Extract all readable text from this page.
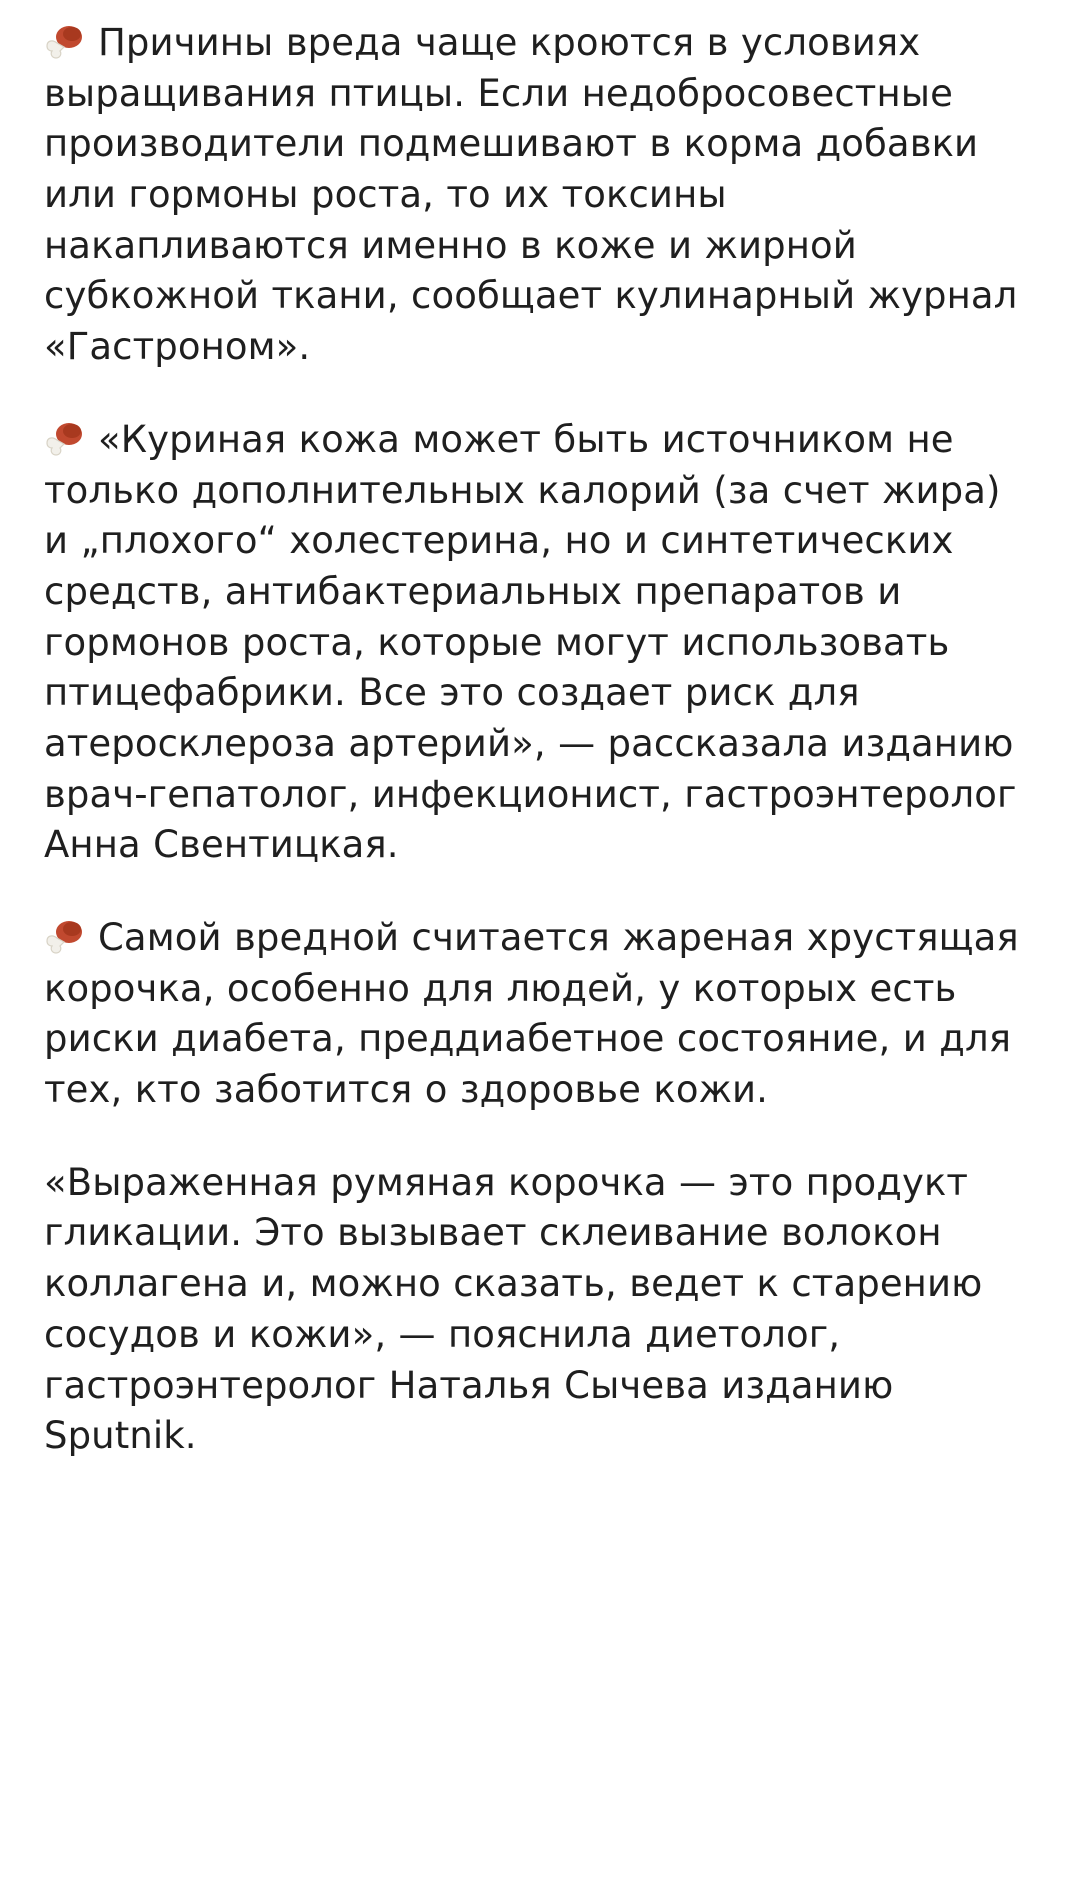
Причины вреда чаще кроются в условиях выращивания птицы. Если недобросовестные производители подмешивают в корма добавки или гормоны роста, то их токсины накапливаются именно в коже и жирной субкожной ткани, сообщает кулинарный журнал «Гастроном».

«Куриная кожа может быть источником не только дополнительных калорий (за счет жира) и „плохого“ холестерина, но и синтетических средств, антибактериальных препаратов и гормонов роста, которые могут использовать птицефабрики. Все это создает риск для атеросклероза артерий», — рассказала изданию врач-гепатолог, инфекционист, гастроэнтеролог Анна Свентицкая.

Самой вредной считается жареная хрустящая корочка, особенно для людей, у которых есть риски диабета, преддиабетное состояние, и для тех, кто заботится о здоровье кожи.

«Выраженная румяная корочка — это продукт гликации. Это вызывает склеивание волокон коллагена и, можно сказать, ведет к старению сосудов и кожи», — пояснила диетолог, гастроэнтеролог Наталья Сычева изданию Sputnik.
